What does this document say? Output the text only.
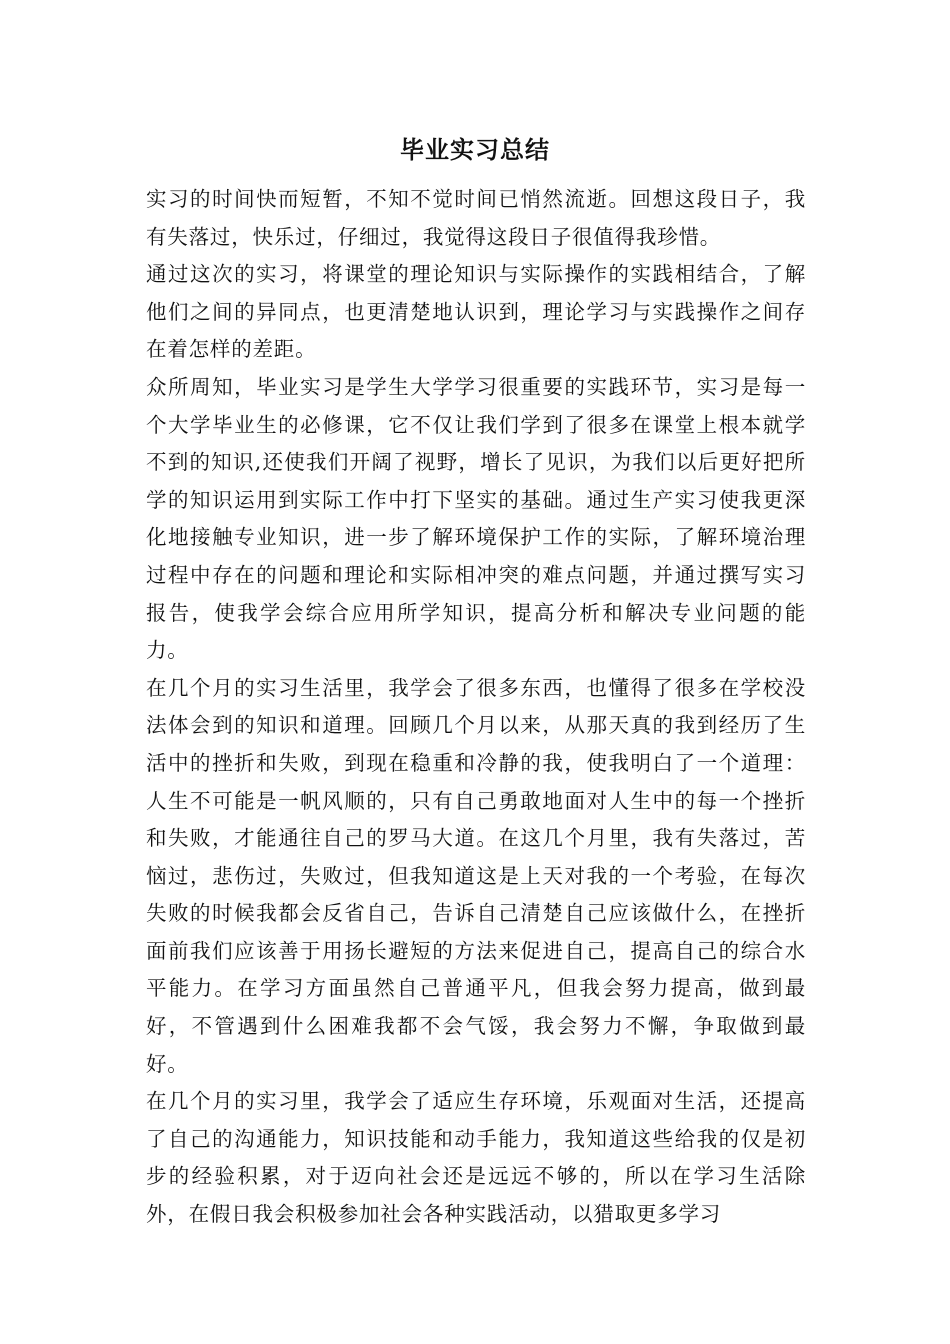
毕业实习总结

实习的时间快而短暂，不知不觉时间已悄然流逝。回想这段日子，我有失落过，快乐过，仔细过，我觉得这段日子很值得我珍惜。

通过这次的实习，将课堂的理论知识与实际操作的实践相结合，了解他们之间的异同点，也更清楚地认识到，理论学习与实践操作之间存在着怎样的差距。

众所周知，毕业实习是学生大学学习很重要的实践环节，实习是每一个大学毕业生的必修课，它不仅让我们学到了很多在课堂上根本就学不到的知识,还使我们开阔了视野，增长了见识，为我们以后更好把所学的知识运用到实际工作中打下坚实的基础。通过生产实习使我更深化地接触专业知识，进一步了解环境保护工作的实际，了解环境治理过程中存在的问题和理论和实际相冲突的难点问题，并通过撰写实习报告，使我学会综合应用所学知识，提高分析和解决专业问题的能力。

在几个月的实习生活里，我学会了很多东西，也懂得了很多在学校没法体会到的知识和道理。回顾几个月以来，从那天真的我到经历了生活中的挫折和失败，到现在稳重和冷静的我，使我明白了一个道理：人生不可能是一帆风顺的，只有自己勇敢地面对人生中的每一个挫折和失败，才能通往自己的罗马大道。在这几个月里，我有失落过，苦恼过，悲伤过，失败过，但我知道这是上天对我的一个考验，在每次失败的时候我都会反省自己，告诉自己清楚自己应该做什么，在挫折面前我们应该善于用扬长避短的方法来促进自己，提高自己的综合水平能力。在学习方面虽然自己普通平凡，但我会努力提高，做到最好，不管遇到什么困难我都不会气馁，我会努力不懈，争取做到最好。

在几个月的实习里，我学会了适应生存环境，乐观面对生活，还提高了自己的沟通能力，知识技能和动手能力，我知道这些给我的仅是初步的经验积累，对于迈向社会还是远远不够的，所以在学习生活除外，在假日我会积极参加社会各种实践活动，以猎取更多学习
